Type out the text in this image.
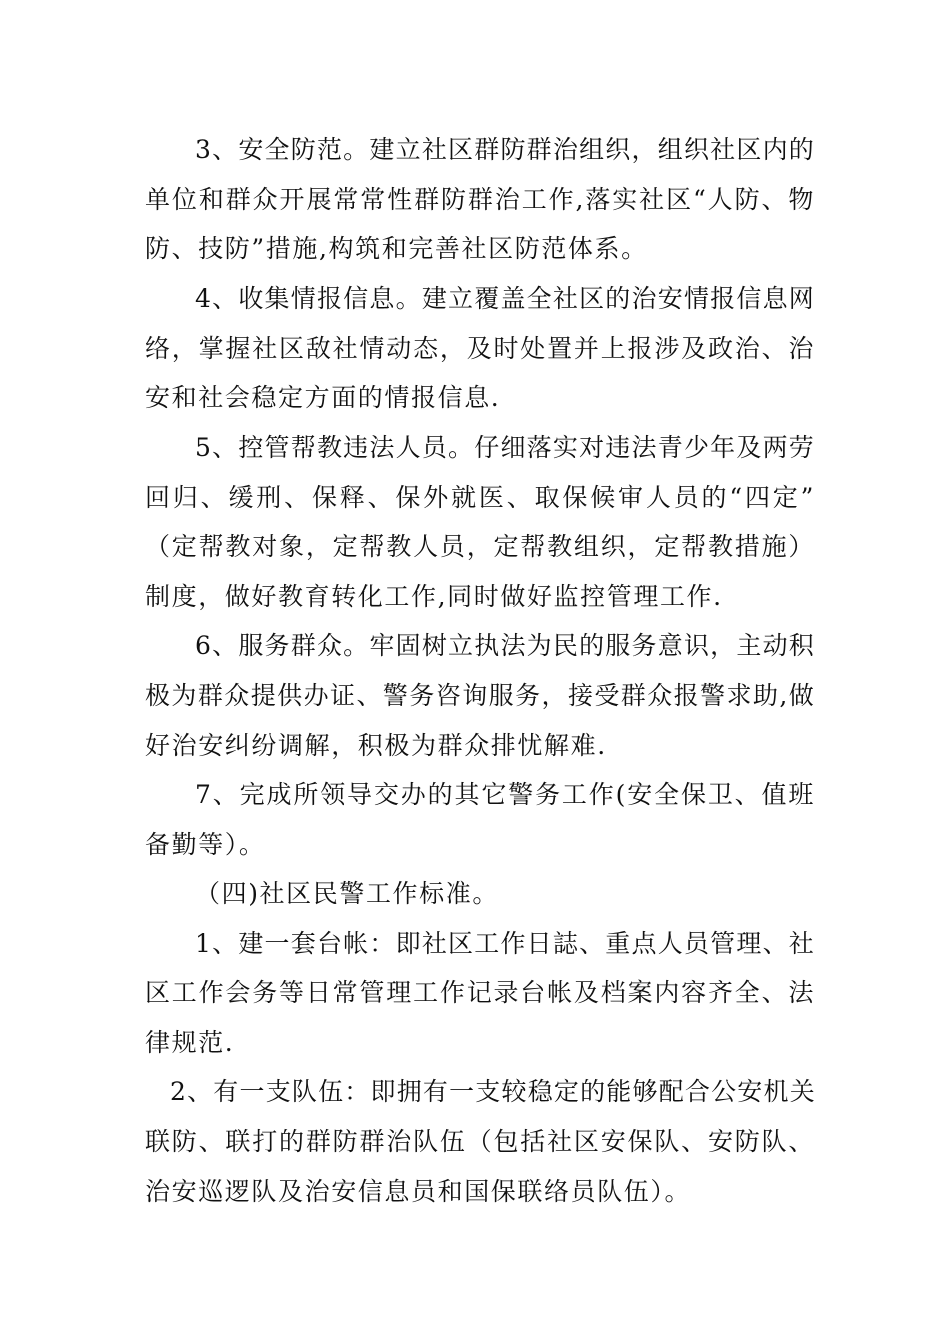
3、安全防范。建立社区群防群治组织，组织社区内的
单位和群众开展常常性群防群治工作,落实社区“人防、物
防、技防”措施,构筑和完善社区防范体系。
4、收集情报信息。建立覆盖全社区的治安情报信息网
络，掌握社区敌社情动态，及时处置并上报涉及政治、治
安和社会稳定方面的情报信息.
5、控管帮教违法人员。仔细落实对违法青少年及两劳
回归、缓刑、保释、保外就医、取保候审人员的“四定”
（定帮教对象，定帮教人员，定帮教组织，定帮教措施）
制度，做好教育转化工作,同时做好监控管理工作.
6、服务群众。牢固树立执法为民的服务意识，主动积
极为群众提供办证、警务咨询服务，接受群众报警求助,做
好治安纠纷调解，积极为群众排忧解难.
7、完成所领导交办的其它警务工作(安全保卫、值班
备勤等）。
（四)社区民警工作标准。
1、建一套台帐：即社区工作日誌、重点人员管理、社
区工作会务等日常管理工作记录台帐及档案内容齐全、法
律规范.
2、有一支队伍：即拥有一支较稳定的能够配合公安机关
联防、联打的群防群治队伍（包括社区安保队、安防队、
治安巡逻队及治安信息员和国保联络员队伍）。
